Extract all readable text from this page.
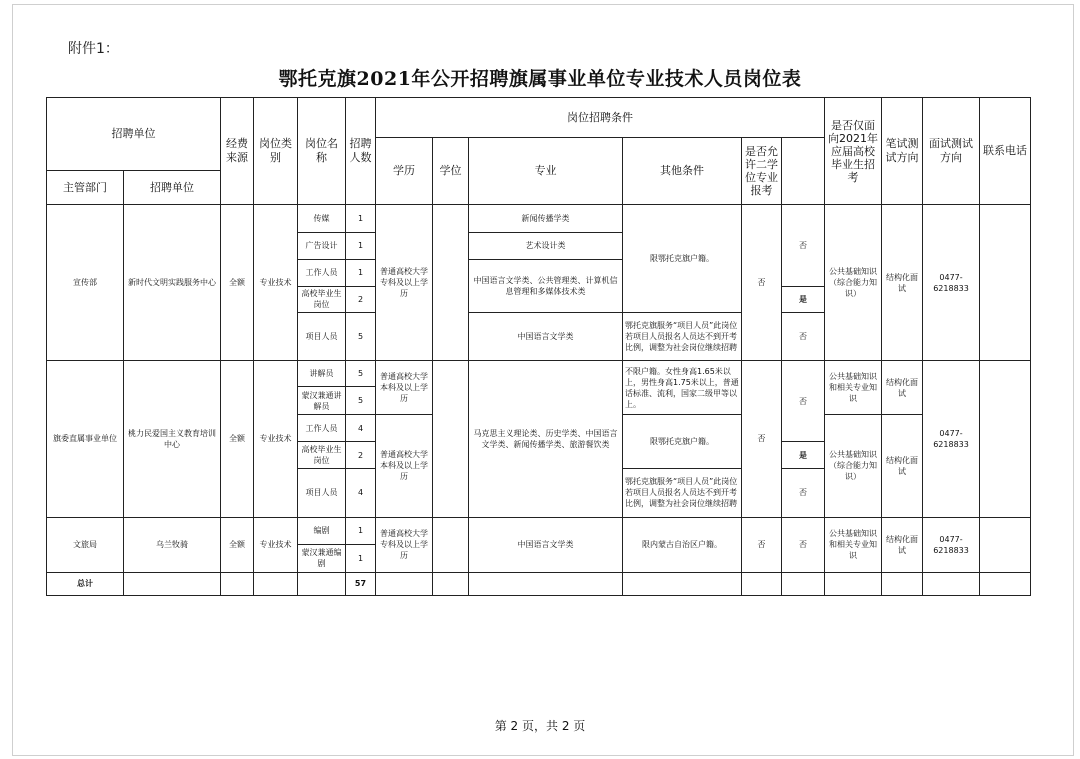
附件1：
鄂托克旗2021年公开招聘旗属事业单位专业技术人员岗位表
招聘单位		经费来源	岗位类别	岗位名称	招聘人数	岗位招聘条件						是否仅面向2021年应届高校毕业生招考	笔试测试方向	面试测试方向	联系电话	
						学历	学位	专业	其他条件	是否允许二学位专业报考						
主管部门	招聘单位															
宣传部	新时代文明实践服务中心	全额	专业技术	传媒	1	普通高校大学专科及以上学历		新闻传播学类	限鄂托克旗户籍。	否	否	公共基础知识（综合能力知识）	结构化面试	0477-6218833		
				广告设计	1			艺术设计类								
				工作人员	1			中国语言文学类、公共管理类、计算机信息管理和多媒体技术类								
				高校毕业生岗位	2						是					
				项目人员	5			中国语言文学类	鄂托克旗服务“项目人员”此岗位若项目人员报名人员达不到开考比例，调整为社会岗位继续招聘		否					
旗委直属事业单位	桃力民爱国主义教育培训中心	全额	专业技术	讲解员	5	普通高校大学本科及以上学历		马克思主义理论类、历史学类、中国语言文学类、新闻传播学类、旅游餐饮类	不限户籍。女性身高1.65米以上，男性身高1.75米以上，普通话标准、流利，国家二级甲等以上。	否	否	公共基础知识和相关专业知识	结构化面试	0477-6218833		
				蒙汉兼通讲解员	5											
				工作人员	4	普通高校大学本科及以上学历			限鄂托克旗户籍。			公共基础知识（综合能力知识）	结构化面试			
				高校毕业生岗位	2						是					
				项目人员	4				鄂托克旗服务“项目人员”此岗位若项目人员报名人员达不到开考比例，调整为社会岗位继续招聘		否					
文旅局	乌兰牧骑	全额	专业技术	编剧	1	普通高校大学专科及以上学历		中国语言文学类	限内蒙古自治区户籍。	否	否	公共基础知识和相关专业知识	结构化面试	0477-6218833		
				蒙汉兼通编剧	1											
总计					57											
第 2 页，共 2 页
